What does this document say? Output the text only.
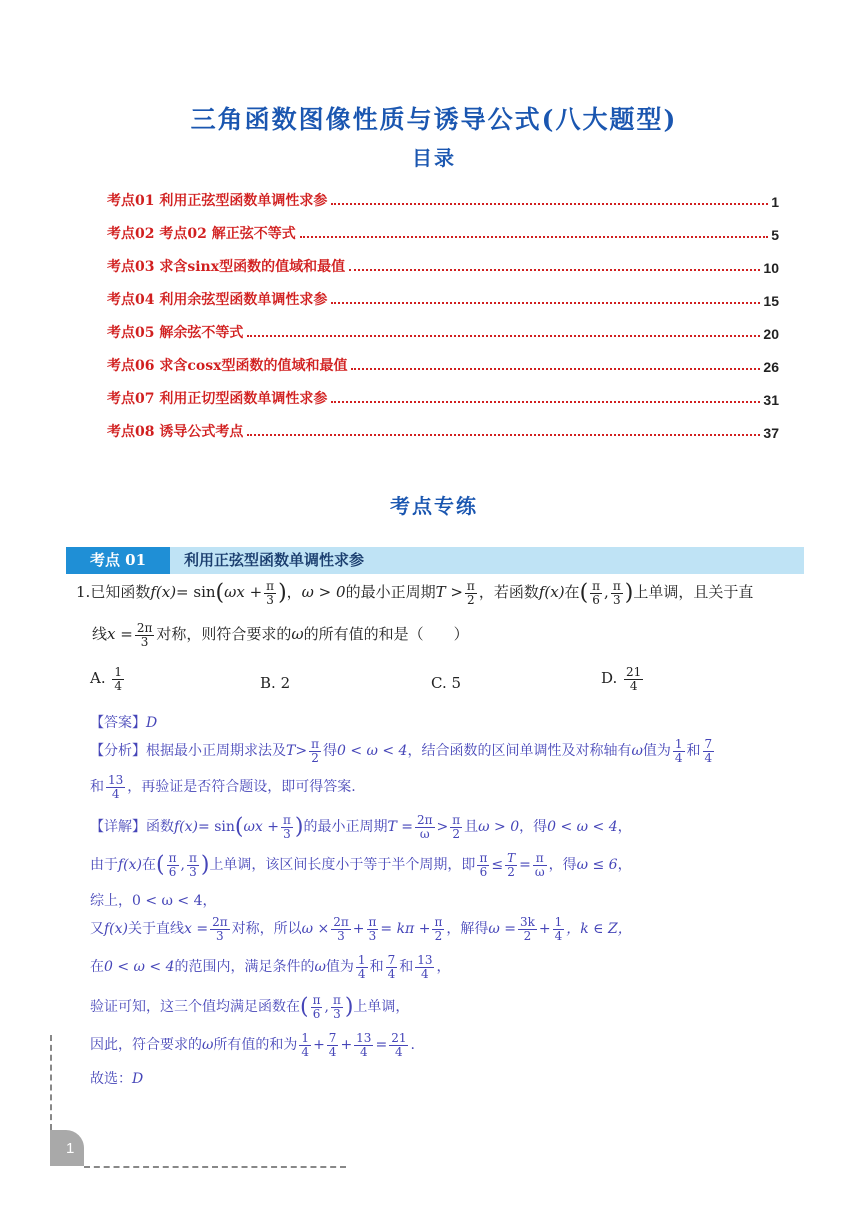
三角函数图像性质与诱导公式(八大题型)
目录
考点01 利用正弦型函数单调性求参	1
考点02 考点02 解正弦不等式	5
考点03 求含sinx型函数的值域和最值	10
考点04 利用余弦型函数单调性求参	15
考点05 解余弦不等式	20
考点06 求含cosx型函数的值域和最值	26
考点07 利用正切型函数单调性求参	31
考点08 诱导公式考点	37
考点专练
考点 01	利用正弦型函数单调性求参
1.已知函数$f(x)= \sin(\omega x + \frac{\pi}{3}$ )，ω > 0的最小正周期$T > \frac{\pi}{2}$ ，若函数f(x)在( $\frac{\pi}{6}$ , $\frac{\pi}{3}$ )上单调，且关于直
线$x = \frac{2\pi}{3}$ 对称，则符合要求的ω的所有值的和是（　　）
A. $\frac{1}{4}$	B. 2	C. 5	D. $\frac{21}{4}$
【答案】D
【分析】根据最小正周期求法及$T> \frac{\pi}{2}$ 得0 < ω < 4，结合函数的区间单调性及对称轴有ω值为 $\frac{1}{4}$ 和 $\frac{7}{4}$
和 $\frac{13}{4}$ ，再验证是否符合题设，即可得答案.
【详解】函数$f(x)= \sin(\omega x + \frac{\pi}{3}$ )的最小正周期$T = \frac{2\pi}{\omega} > \frac{\pi}{2}$ 且ω > 0，得0 < ω < 4，
由于f(x)在( $\frac{\pi}{6}$ , $\frac{\pi}{3}$ )上单调，该区间长度小于等于半个周期，即 $\frac{\pi}{6} \le \frac{T}{2} = \frac{\pi}{\omega}$ ，得ω ≤ 6，
综上，0 < ω < 4，
又f(x)关于直线$x = \frac{2\pi}{3}$ 对称，所以$\omega \times \frac{2\pi}{3} + \frac{\pi}{3} = k\pi + \frac{\pi}{2}$ ，解得$\omega = \frac{3k}{2} + \frac{1}{4}$ ，k ∈ Z，
在0 < ω < 4的范围内，满足条件的ω值为 $\frac{1}{4}$ 和 $\frac{7}{4}$ 和 $\frac{13}{4}$ ，
验证可知，这三个值均满足函数在( $\frac{\pi}{6}$ , $\frac{\pi}{3}$ )上单调，
因此，符合要求的ω所有值的和为 $\frac{1}{4} + \frac{7}{4} + \frac{13}{4} = \frac{21}{4}$ .
故选：D
1
